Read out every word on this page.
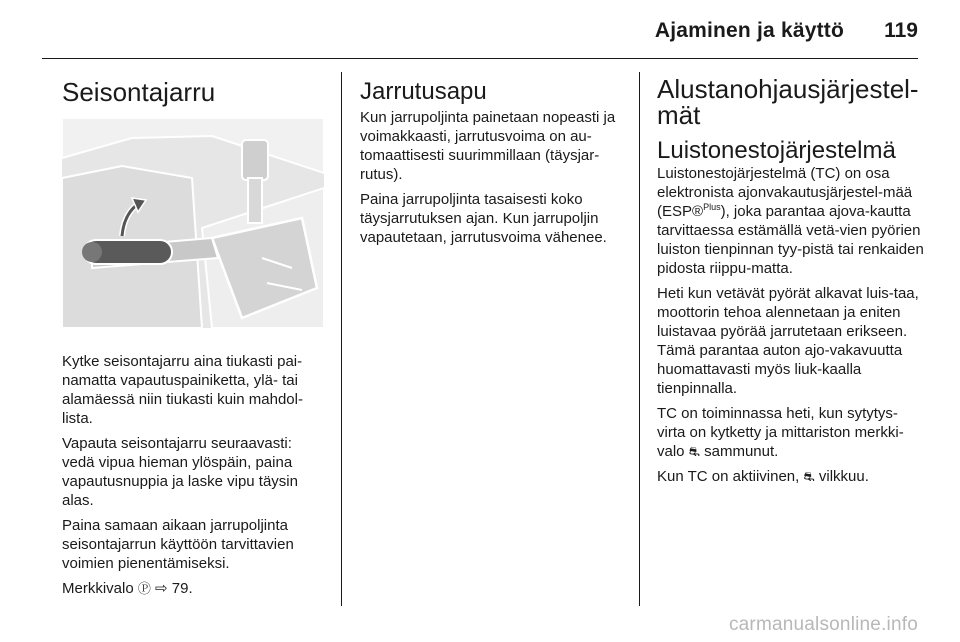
Ajaminen ja käyttö 119
Seisontajarru

Kytke seisontajarru aina tiukasti pai-namatta vapautuspainiketta, ylä- tai alamäessä niin tiukasti kuin mahdol-lista.

Vapauta seisontajarru seuraavasti: vedä vipua hieman ylöspäin, paina vapautusnuppia ja laske vipu täysin alas.

Paina samaan aikaan jarrupoljinta seisontajarrun käyttöön tarvittavien voimien pienentämiseksi.

Merkkivalo Ⓟ ⇨ 79.

Jarrutusapu

Kun jarrupoljinta painetaan nopeasti ja voimakkaasti, jarrutusvoima on au-tomaattisesti suurimmillaan (täysjar-rutus).

Paina jarrupoljinta tasaisesti koko täysjarrutuksen ajan. Kun jarrupoljin vapautetaan, jarrutusvoima vähenee.

Alustanohjausjärjestel-mät
Luistonestojärjestelmä

Luistonestojärjestelmä (TC) on osa elektronista ajonvakautusjärjestel-mää (ESP®$^{Plus}$), joka parantaa ajova-kautta tarvittaessa estämällä vetä-vien pyörien luiston tienpinnan tyy-pistä tai renkaiden pidosta riippu-matta.

Heti kun vetävät pyörät alkavat luis-taa, moottorin tehoa alennetaan ja eniten luistavaa pyörää jarrutetaan erikseen. Tämä parantaa auton ajo-vakavuutta huomattavasti myös liuk-kaalla tienpinnalla.

TC on toiminnassa heti, kun sytytys-virta on kytketty ja mittariston merkki-valo ⛐ sammunut.

Kun TC on aktiivinen, ⛐ vilkkuu.

carmanualsonline.info
